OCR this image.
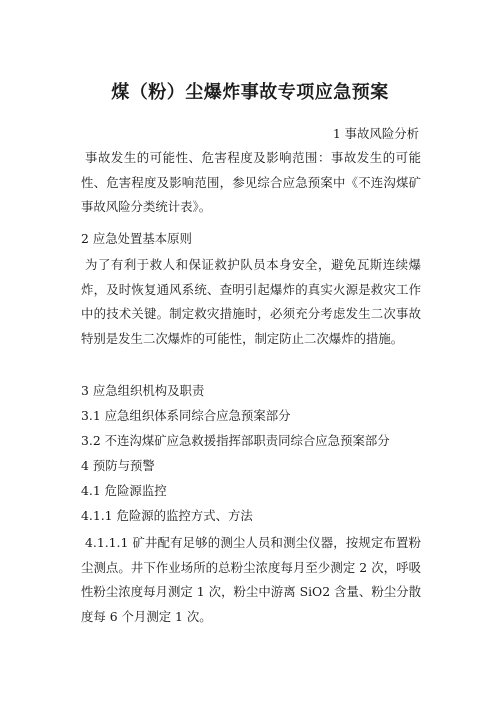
煤（粉）尘爆炸事故专项应急预案
1 事故风险分析
事故发生的可能性、危害程度及影响范围：事故发生的可能性、危害程度及影响范围，参见综合应急预案中《不连沟煤矿事故风险分类统计表》。
2 应急处置基本原则
为了有利于救人和保证救护队员本身安全，避免瓦斯连续爆炸，及时恢复通风系统、查明引起爆炸的真实火源是救灾工作中的技术关键。制定救灾措施时，必须充分考虑发生二次事故特别是发生二次爆炸的可能性，制定防止二次爆炸的措施。
3 应急组织机构及职责
3.1 应急组织体系同综合应急预案部分
3.2 不连沟煤矿应急救援指挥部职责同综合应急预案部分
4 预防与预警
4.1 危险源监控
4.1.1 危险源的监控方式、方法
4.1.1.1 矿井配有足够的测尘人员和测尘仪器，按规定布置粉尘测点。井下作业场所的总粉尘浓度每月至少测定 2 次，呼吸性粉尘浓度每月测定 1 次，粉尘中游离 SiO2 含量、粉尘分散度每 6 个月测定 1 次。
